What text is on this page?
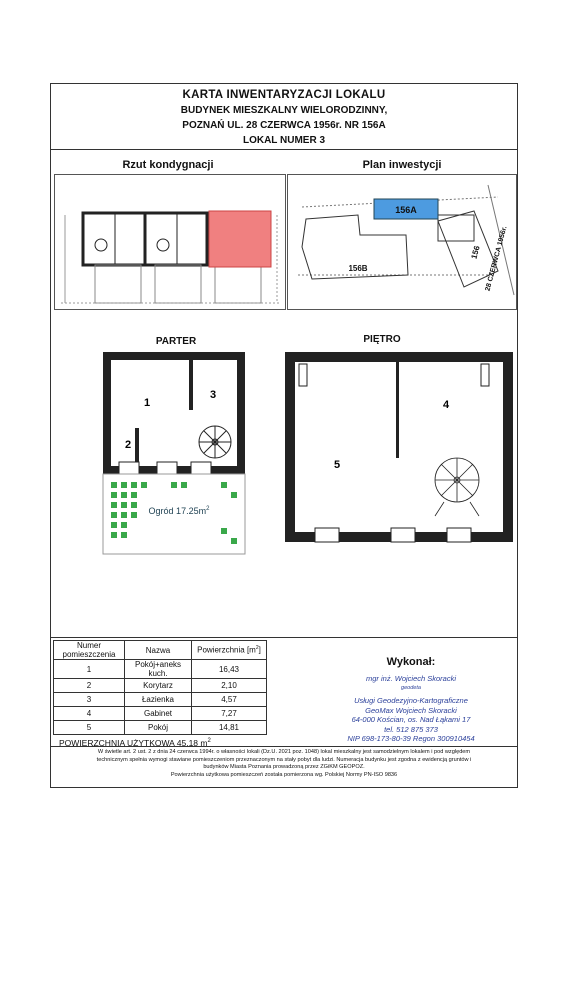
KARTA INWENTARYZACJI LOKALU
BUDYNEK MIESZKALNY WIELORODZINNY,
POZNAŃ UL. 28 CZERWCA 1956r. NR 156A
LOKAL NUMER 3
Rzut kondygnacji	Plan inwestycji
156A
156B
156 28 CZERWCA 1956r.
PARTER	PIĘTRO
1
3
2
Ogród $17.25m^2$
4
5
Numer pomieszczenia	Nazwa	Powierzchnia $[m^2]$
1	Pokój+aneks kuch.	16,43
2	Korytarz	2,10
3	Łazienka	4,57
4	Gabinet	7,27
5	Pokój	14,81
POWIERZCHNIA UŻYTKOWA 45,18 $m^2$
Wykonał:
mgr inż. Wojciech Skoracki
geodeta
Usługi Geodezyjno-Kartograficzne
GeoMax Wojciech Skoracki
64-000 Kościan, os. Nad Łąkami 17
tel. 512 875 373
NIP 698-173-80-39 Regon 300910454
W świetle art. 2 ust. 2 z dnia 24 czerwca 1994r. o własności lokali (Dz.U. 2021 poz. 1048) lokal mieszkalny jest samodzielnym lokalem i pod względem
technicznym spełnia wymogi stawiane pomieszczeniom przeznaczonym na stały pobyt dla ludzi. Numeracja budynku jest zgodna z ewidencją gruntów i
budynków Miasta Poznania prowadzoną przez ZGiKM GEOPOZ.
Powierzchnia użytkowa pomieszczeń została pomierzona wg. Polskiej Normy PN-ISO 9836
